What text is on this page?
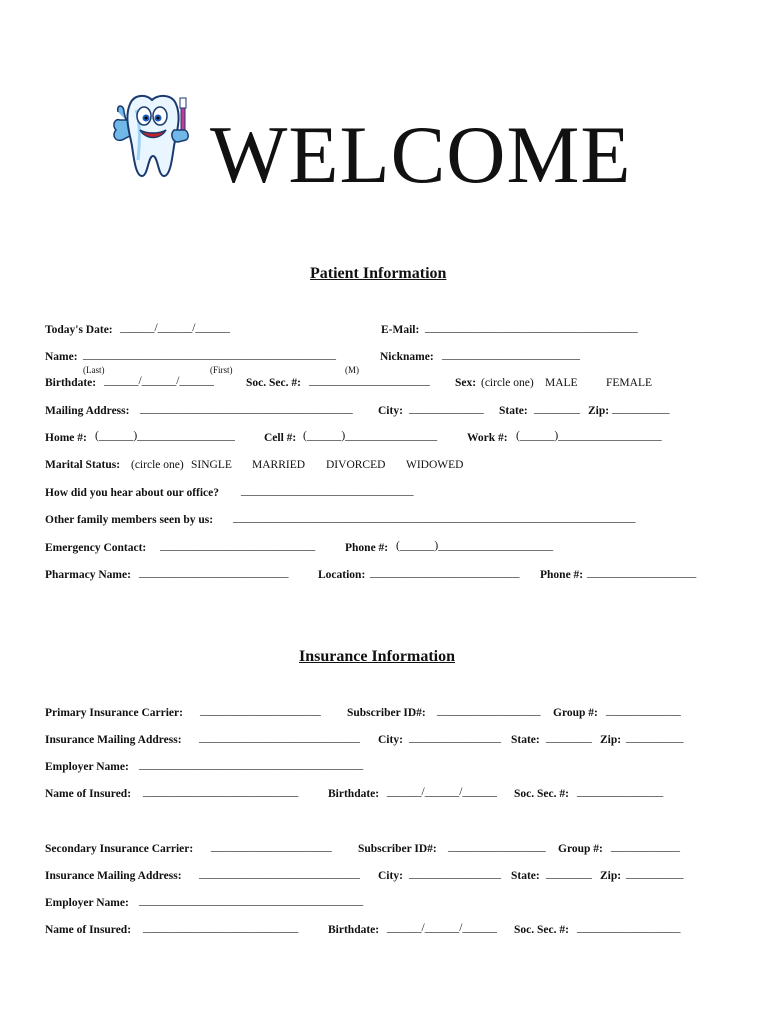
WELCOME
Patient Information
Today's Date: ______/______/______	E-Mail: _____________________________________
Name: ____________________________________________	Nickname: ________________________
(Last)	(First)	(M)
Birthdate: ______/______/______	Soc. Sec. #: _____________________ Sex: (circle one) MALE FEMALE
Mailing Address: _____________________________________ City: _____________ State: ________ Zip: __________
Home #: (______)_________________	Cell #: (______)________________	Work #: (______)__________________
Marital Status: (circle one) SINGLE MARRIED DIVORCED WIDOWED
How did you hear about our office? ______________________________
Other family members seen by us: ______________________________________________________________________
Emergency Contact: ___________________________	Phone #: (______)____________________
Pharmacy Name: __________________________	Location: __________________________ Phone #: ___________________
Insurance Information
Primary Insurance Carrier: _____________________ Subscriber ID#: __________________ Group #: _____________
Insurance Mailing Address: ____________________________ City: ________________ State: ________ Zip: __________
Employer Name: _______________________________________
Name of Insured: ___________________________	Birthdate: ______/______/______ Soc. Sec. #: _______________
Secondary Insurance Carrier: _____________________ Subscriber ID#: _________________ Group #: ____________
Insurance Mailing Address: ____________________________ City: ________________ State: ________ Zip: __________
Employer Name: _______________________________________
Name of Insured: ___________________________	Birthdate: ______/______/______ Soc. Sec. #: __________________
